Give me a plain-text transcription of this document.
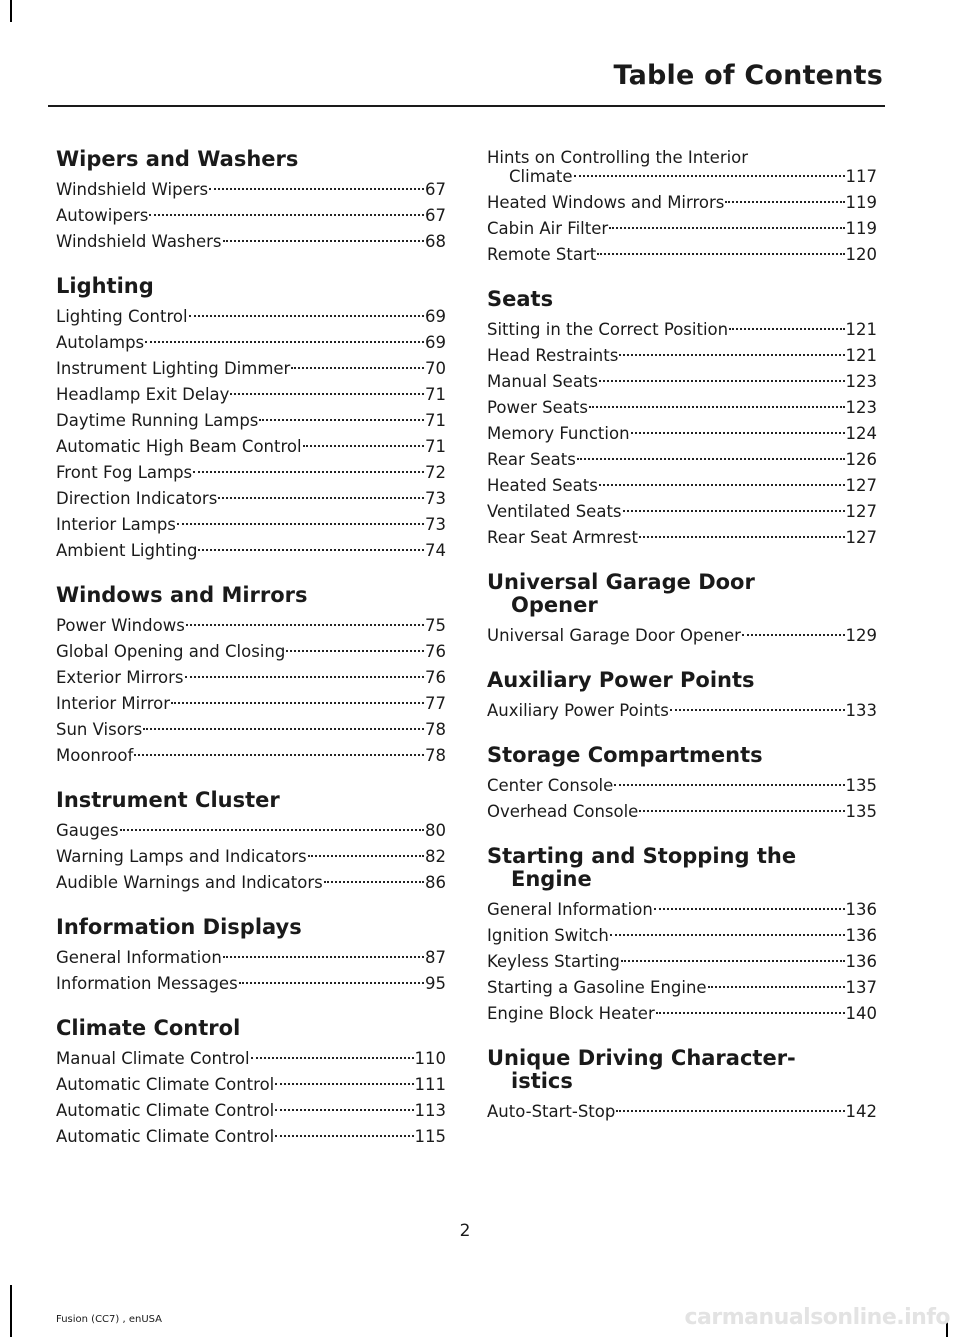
Table of Contents
Wipers and Washers
Windshield Wipers	67
Autowipers	67
Windshield Washers	68
Lighting
Lighting Control	69
Autolamps	69
Instrument Lighting Dimmer	70
Headlamp Exit Delay	71
Daytime Running Lamps	71
Automatic High Beam Control	71
Front Fog Lamps	72
Direction Indicators	73
Interior Lamps	73
Ambient Lighting	74
Windows and Mirrors
Power Windows	75
Global Opening and Closing	76
Exterior Mirrors	76
Interior Mirror	77
Sun Visors	78
Moonroof	78
Instrument Cluster
Gauges	80
Warning Lamps and Indicators	82
Audible Warnings and Indicators	86
Information Displays
General Information	87
Information Messages	95
Climate Control
Manual Climate Control	110
Automatic Climate Control	111
Automatic Climate Control	113
Automatic Climate Control	115
Hints on Controlling the Interior
Climate	117
Heated Windows and Mirrors	119
Cabin Air Filter	119
Remote Start	120
Seats
Sitting in the Correct Position	121
Head Restraints	121
Manual Seats	123
Power Seats	123
Memory Function	124
Rear Seats	126
Heated Seats	127
Ventilated Seats	127
Rear Seat Armrest	127
Universal Garage Door
Opener
Universal Garage Door Opener	129
Auxiliary Power Points
Auxiliary Power Points	133
Storage Compartments
Center Console	135
Overhead Console	135
Starting and Stopping the
Engine
General Information	136
Ignition Switch	136
Keyless Starting	136
Starting a Gasoline Engine	137
Engine Block Heater	140
Unique Driving Character-
istics
Auto-Start-Stop	142
2
Fusion (CC7) , enUSA	carmanualsonline.info
